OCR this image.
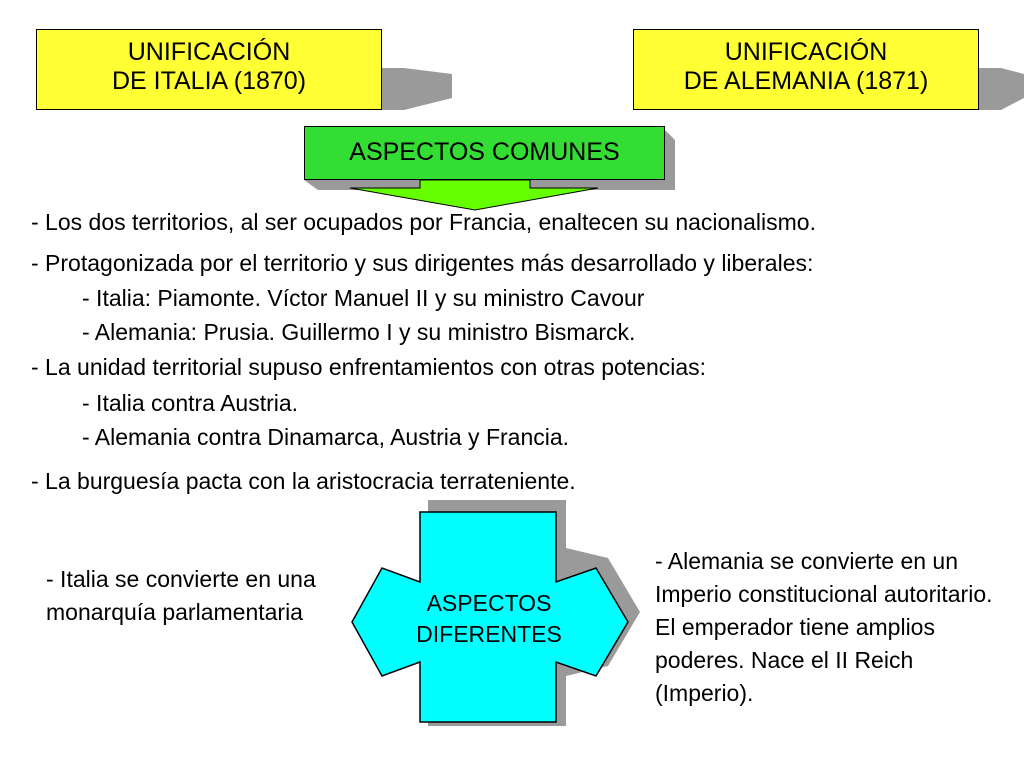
UNIFICACIÓN
DE ITALIA (1870)
UNIFICACIÓN
DE ALEMANIA (1871)
ASPECTOS COMUNES
- Los dos territorios, al ser ocupados por Francia, enaltecen su nacionalismo.
- Protagonizada por el territorio y sus dirigentes más desarrollado y liberales:
- Italia: Piamonte. Víctor Manuel II y su ministro Cavour
- Alemania: Prusia. Guillermo I y su ministro Bismarck.
- La unidad territorial supuso enfrentamientos con otras potencias:
- Italia contra Austria.
- Alemania contra Dinamarca, Austria y Francia.
- La burguesía pacta con la aristocracia terrateniente.
ASPECTOS
DIFERENTES
- Italia se convierte en una monarquía parlamentaria
- Alemania se convierte en un Imperio constitucional autoritario. El emperador tiene amplios poderes. Nace el II Reich (Imperio).
